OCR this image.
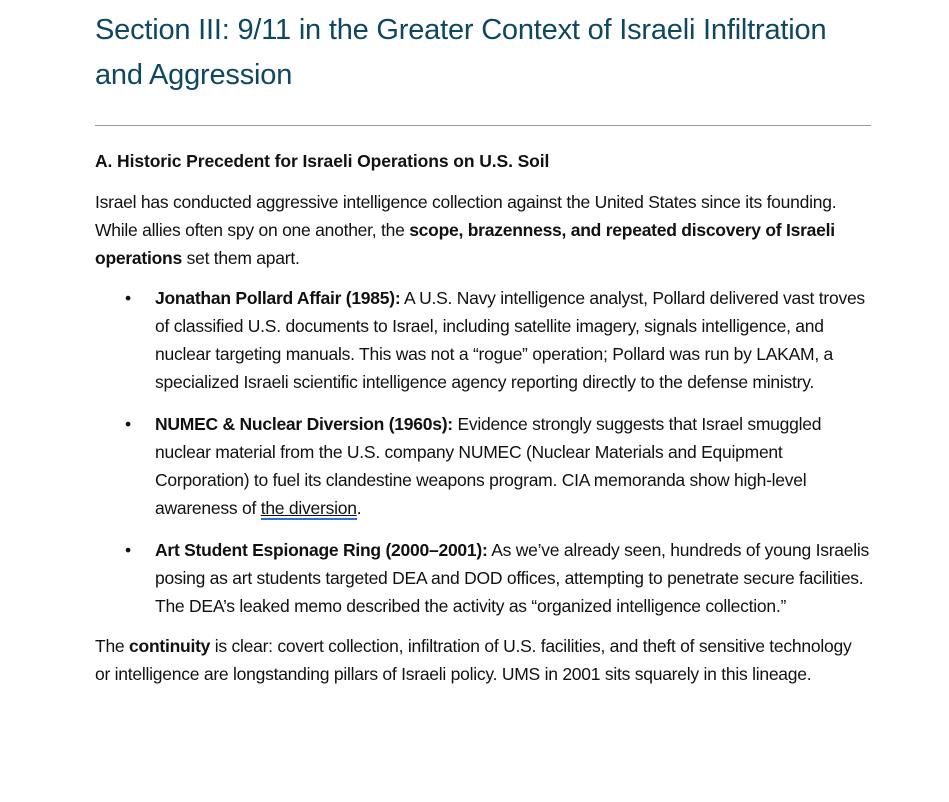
Section III: 9/11 in the Greater Context of Israeli Infiltration and Aggression
A. Historic Precedent for Israeli Operations on U.S. Soil

Israel has conducted aggressive intelligence collection against the United States since its founding. While allies often spy on one another, the scope, brazenness, and repeated discovery of Israeli operations set them apart.

• Jonathan Pollard Affair (1985): A U.S. Navy intelligence analyst, Pollard delivered vast troves of classified U.S. documents to Israel, including satellite imagery, signals intelligence, and nuclear targeting manuals. This was not a “rogue” operation; Pollard was run by LAKAM, a specialized Israeli scientific intelligence agency reporting directly to the defense ministry.
• NUMEC & Nuclear Diversion (1960s): Evidence strongly suggests that Israel smuggled nuclear material from the U.S. company NUMEC (Nuclear Materials and Equipment Corporation) to fuel its clandestine weapons program. CIA memoranda show high-level awareness of the diversion.
• Art Student Espionage Ring (2000–2001): As we’ve already seen, hundreds of young Israelis posing as art students targeted DEA and DOD offices, attempting to penetrate secure facilities. The DEA’s leaked memo described the activity as “organized intelligence collection.”

The continuity is clear: covert collection, infiltration of U.S. facilities, and theft of sensitive technology or intelligence are longstanding pillars of Israeli policy. UMS in 2001 sits squarely in this lineage.
